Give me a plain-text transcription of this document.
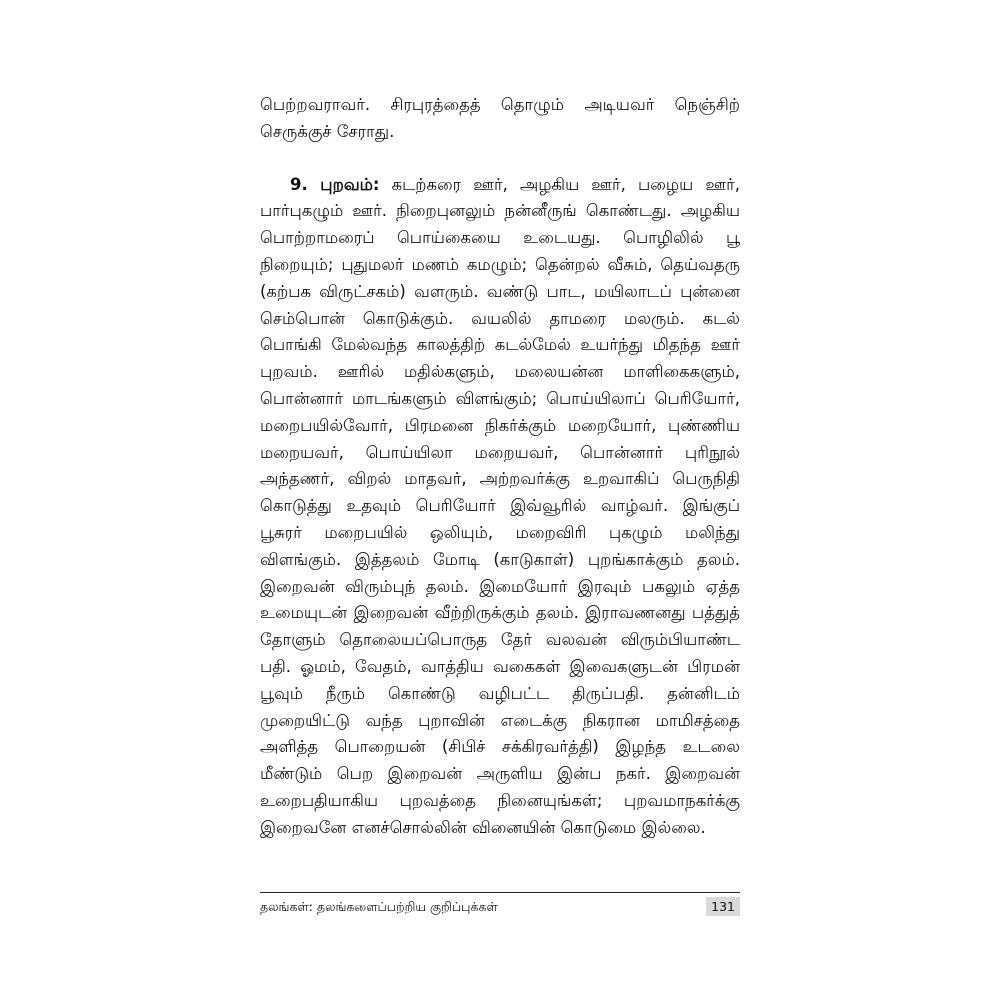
பெற்றவராவர். சிரபுரத்தைத் தொழும் அடியவர் நெஞ்சிற் செருக்குச் சேராது.

9. புறவம்: கடற்கரை ஊர், அழகிய ஊர், பழைய ஊர், பார்புகழும் ஊர். நிறைபுனலும் நன்னீருங் கொண்டது. அழகிய பொற்றாமரைப் பொய்கையை உடையது. பொழிலில் பூ நிறையும்; புதுமலர் மணம் கமழும்; தென்றல் வீசும், தெய்வதரு (கற்பக விருட்சகம்) வளரும். வண்டு பாட, மயிலாடப் புன்னை செம்பொன் கொடுக்கும். வயலில் தாமரை மலரும். கடல் பொங்கி மேல்வந்த காலத்திற் கடல்மேல் உயர்ந்து மிதந்த ஊர் புறவம். ஊரில் மதில்களும், மலையன்ன மாளிகைகளும், பொன்னார் மாடங்களும் விளங்கும்; பொய்யிலாப் பெரியோர், மறைபயில்வோர், பிரமனை நிகர்க்கும் மறையோர், புண்ணிய மறையவர், பொய்யிலா மறையவர், பொன்னார் புரிநூல் அந்தணர், விறல் மாதவர், அற்றவர்க்கு உறவாகிப் பெருநிதி கொடுத்து உதவும் பெரியோர் இவ்வூரில் வாழ்வர். இங்குப் பூசுரர் மறைபயில் ஒலியும், மறைவிரி புகழும் மலிந்து விளங்கும். இத்தலம் மோடி (காடுகாள்) புறங்காக்கும் தலம். இறைவன் விரும்புந் தலம். இமையோர் இரவும் பகலும் ஏத்த உமையுடன் இறைவன் வீற்றிருக்கும் தலம். இராவணனது பத்துத் தோளும் தொலையப்பொருத தேர் வலவன் விரும்பியாண்ட பதி. ஓமம், வேதம், வாத்திய வகைகள் இவைகளுடன் பிரமன் பூவும் நீரும் கொண்டு வழிபட்ட திருப்பதி. தன்னிடம் முறையிட்டு வந்த புறாவின் எடைக்கு நிகரான மாமிசத்தை அளித்த பொறையன் (சிபிச் சக்கிரவர்த்தி) இழந்த உடலை மீண்டும் பெற இறைவன் அருளிய இன்ப நகர். இறைவன் உறைபதியாகிய புறவத்தை நினையுங்கள்; புறவமாநகர்க்கு இறைவனே எனச்சொல்லின் வினையின் கொடுமை இல்லை.

தலங்கள்: தலங்களைப்பற்றிய குறிப்புக்கள்	131
